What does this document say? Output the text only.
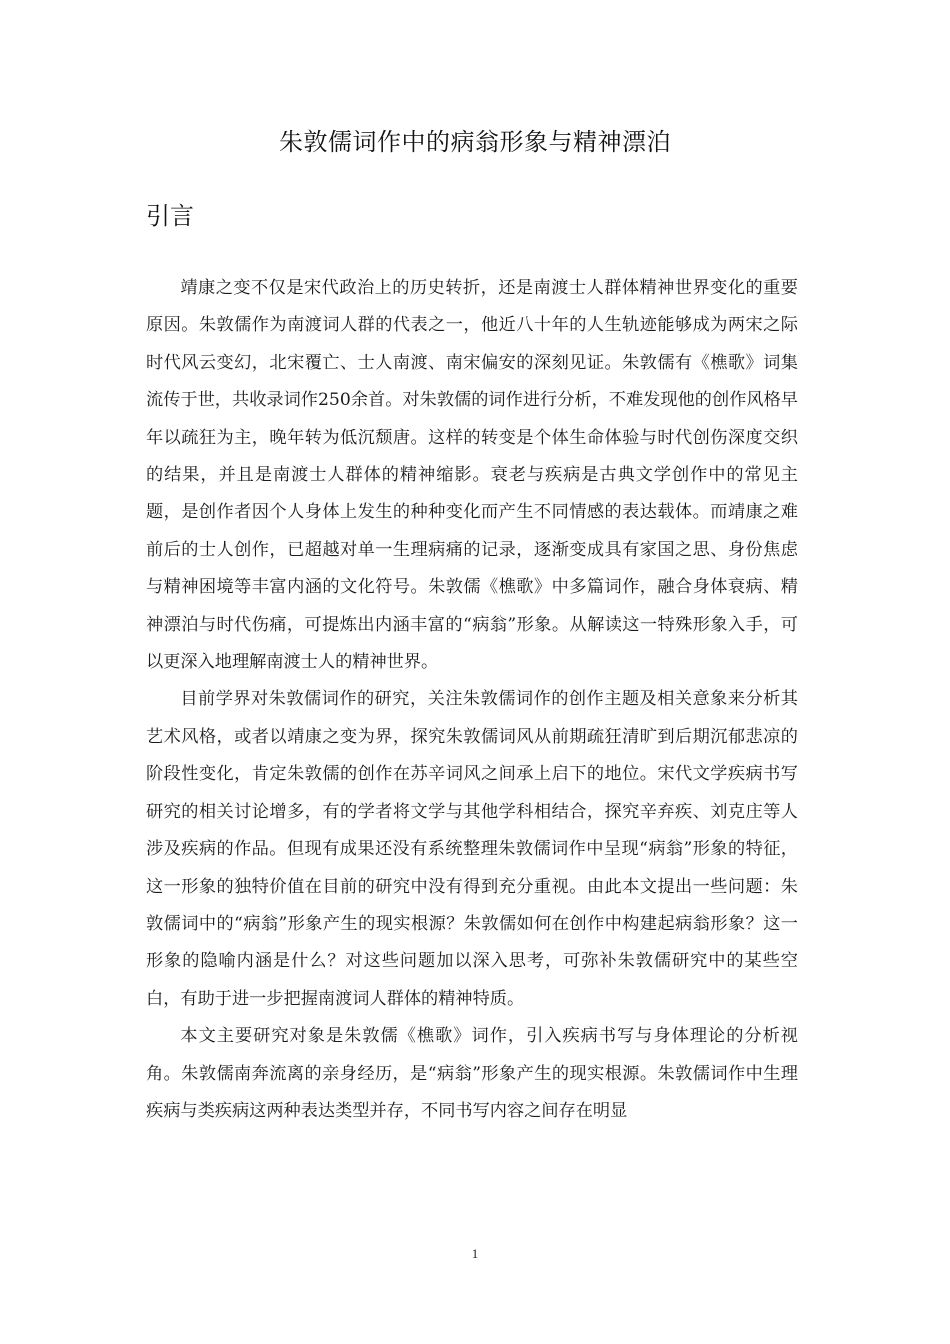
朱敦儒词作中的病翁形象与精神漂泊
引言

靖康之变不仅是宋代政治上的历史转折，还是南渡士人群体精神世界变化的重要原因。朱敦儒作为南渡词人群的代表之一，他近八十年的人生轨迹能够成为两宋之际时代风云变幻，北宋覆亡、士人南渡、南宋偏安的深刻见证。朱敦儒有《樵歌》词集流传于世，共收录词作250余首。对朱敦儒的词作进行分析，不难发现他的创作风格早年以疏狂为主，晚年转为低沉颓唐。这样的转变是个体生命体验与时代创伤深度交织的结果，并且是南渡士人群体的精神缩影。衰老与疾病是古典文学创作中的常见主题，是创作者因个人身体上发生的种种变化而产生不同情感的表达载体。而靖康之难前后的士人创作，已超越对单一生理病痛的记录，逐渐变成具有家国之思、身份焦虑与精神困境等丰富内涵的文化符号。朱敦儒《樵歌》中多篇词作，融合身体衰病、精神漂泊与时代伤痛，可提炼出内涵丰富的“病翁”形象。从解读这一特殊形象入手，可以更深入地理解南渡士人的精神世界。

目前学界对朱敦儒词作的研究，关注朱敦儒词作的创作主题及相关意象来分析其艺术风格，或者以靖康之变为界，探究朱敦儒词风从前期疏狂清旷到后期沉郁悲凉的阶段性变化，肯定朱敦儒的创作在苏辛词风之间承上启下的地位。宋代文学疾病书写研究的相关讨论增多，有的学者将文学与其他学科相结合，探究辛弃疾、刘克庄等人涉及疾病的作品。但现有成果还没有系统整理朱敦儒词作中呈现“病翁”形象的特征，这一形象的独特价值在目前的研究中没有得到充分重视。由此本文提出一些问题：朱敦儒词中的“病翁”形象产生的现实根源？朱敦儒如何在创作中构建起病翁形象？这一形象的隐喻内涵是什么？对这些问题加以深入思考，可弥补朱敦儒研究中的某些空白，有助于进一步把握南渡词人群体的精神特质。

本文主要研究对象是朱敦儒《樵歌》词作，引入疾病书写与身体理论的分析视角。朱敦儒南奔流离的亲身经历，是“病翁”形象产生的现实根源。朱敦儒词作中生理疾病与类疾病这两种表达类型并存，不同书写内容之间存在明显

1
